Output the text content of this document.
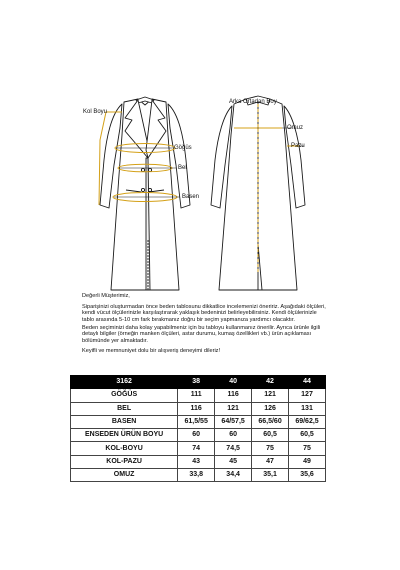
Kol Boyu
Göğüs
Bel
Basen
Arka Ortadan Boy
Omuz
Pazu

Değerli Müşterimiz,

Siparişinizi oluşturmadan önce beden tablosunu dikkatlice incelemenizi öneririz. Aşağıdaki ölçüleri, kendi vücut ölçülerinizle karşılaştırarak yaklaşık bedeninizi belirleyebilirsiniz. Kendi ölçülerinizle tablo arasında 5-10 cm fark bırakmanız doğru bir seçim yapmanıza yardımcı olacaktır.

Beden seçiminizi daha kolay yapabilmeniz için bu tabloyu kullanmanız önerilir. Ayrıca ürünle ilgili detaylı bilgiler (örneğin manken ölçüleri, astar durumu, kumaş özellikleri vb.) ürün açıklaması bölümünde yer almaktadır.

Keyifli ve memnuniyet dolu bir alışveriş deneyimi dileriz!

3162	38	40	42	44
GÖĞÜS	111	116	121	127
BEL	116	121	126	131
BASEN	61,5/55	64/57,5	66,5/60	69/62,5
ENSEDEN ÜRÜN BOYU	60	60	60,5	60,5
KOL-BOYU	74	74,5	75	75
KOL-PAZU	43	45	47	49
OMUZ	33,8	34,4	35,1	35,6
